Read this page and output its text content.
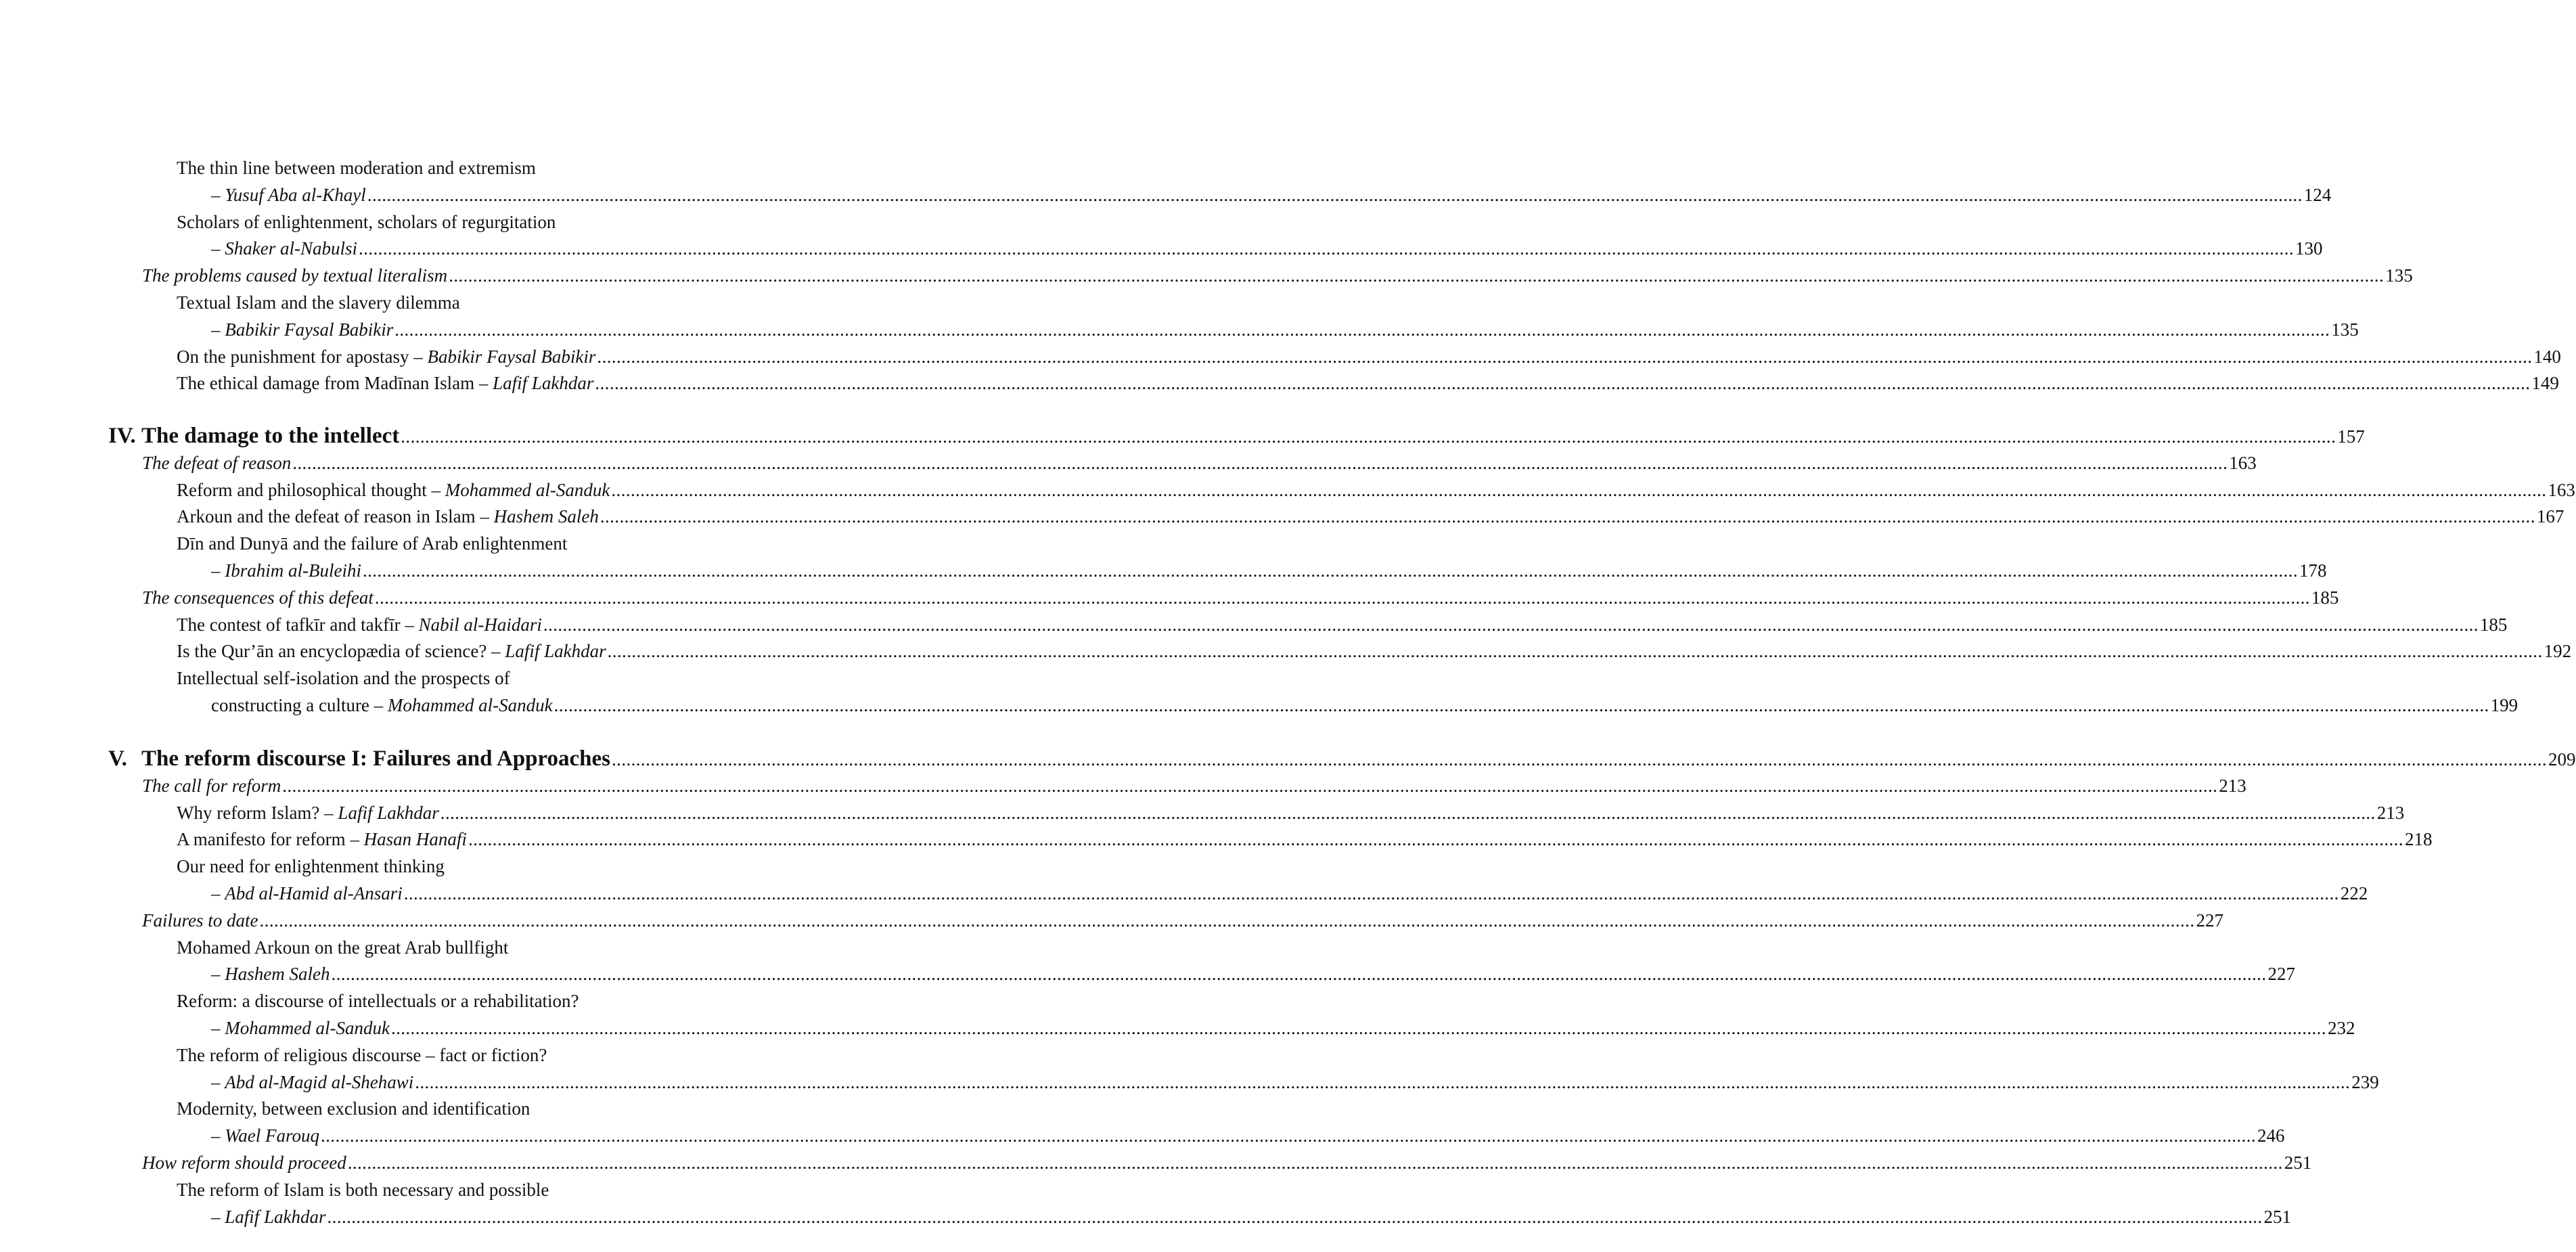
The thin line between moderation and extremism
– Yusuf Aba al-Khayl ................................................................................................................................................................................................................................................................................................................................................................................................................ 124
Scholars of enlightenment, scholars of regurgitation
– Shaker al-Nabulsi ................................................................................................................................................................................................................................................................................................................................................................................................................ 130
The problems caused by textual literalism ................................................................................................................................................................................................................................................................................................................................................................................................................ 135
Textual Islam and the slavery dilemma
– Babikir Faysal Babikir ................................................................................................................................................................................................................................................................................................................................................................................................................ 135
On the punishment for apostasy – Babikir Faysal Babikir ................................................................................................................................................................................................................................................................................................................................................................................................................ 140
The ethical damage from Madīnan Islam – Lafif Lakhdar ................................................................................................................................................................................................................................................................................................................................................................................................................ 149
IV. The damage to the intellect ................................................................................................................................................................................................................................................................................................................................................................................................................ 157
The defeat of reason ................................................................................................................................................................................................................................................................................................................................................................................................................ 163
Reform and philosophical thought – Mohammed al-Sanduk ................................................................................................................................................................................................................................................................................................................................................................................................................ 163
Arkoun and the defeat of reason in Islam – Hashem Saleh ................................................................................................................................................................................................................................................................................................................................................................................................................ 167
Dīn and Dunyā and the failure of Arab enlightenment
– Ibrahim al-Buleihi ................................................................................................................................................................................................................................................................................................................................................................................................................ 178
The consequences of this defeat ................................................................................................................................................................................................................................................................................................................................................................................................................ 185
The contest of tafkīr and takfīr – Nabil al-Haidari ................................................................................................................................................................................................................................................................................................................................................................................................................ 185
Is the Qur’ān an encyclopædia of science? – Lafif Lakhdar ................................................................................................................................................................................................................................................................................................................................................................................................................ 192
Intellectual self-isolation and the prospects of
constructing a culture – Mohammed al-Sanduk ................................................................................................................................................................................................................................................................................................................................................................................................................ 199
V. The reform discourse I: Failures and Approaches ................................................................................................................................................................................................................................................................................................................................................................................................................ 209
The call for reform ................................................................................................................................................................................................................................................................................................................................................................................................................ 213
Why reform Islam? – Lafif Lakhdar ................................................................................................................................................................................................................................................................................................................................................................................................................ 213
A manifesto for reform – Hasan Hanafi ................................................................................................................................................................................................................................................................................................................................................................................................................ 218
Our need for enlightenment thinking
– Abd al-Hamid al-Ansari ................................................................................................................................................................................................................................................................................................................................................................................................................ 222
Failures to date ................................................................................................................................................................................................................................................................................................................................................................................................................ 227
Mohamed Arkoun on the great Arab bullfight
– Hashem Saleh ................................................................................................................................................................................................................................................................................................................................................................................................................ 227
Reform: a discourse of intellectuals or a rehabilitation?
– Mohammed al-Sanduk ................................................................................................................................................................................................................................................................................................................................................................................................................ 232
The reform of religious discourse – fact or fiction?
– Abd al-Magid al-Shehawi ................................................................................................................................................................................................................................................................................................................................................................................................................ 239
Modernity, between exclusion and identification
– Wael Farouq ................................................................................................................................................................................................................................................................................................................................................................................................................ 246
How reform should proceed ................................................................................................................................................................................................................................................................................................................................................................................................................ 251
The reform of Islam is both necessary and possible
– Lafif Lakhdar ................................................................................................................................................................................................................................................................................................................................................................................................................ 251
